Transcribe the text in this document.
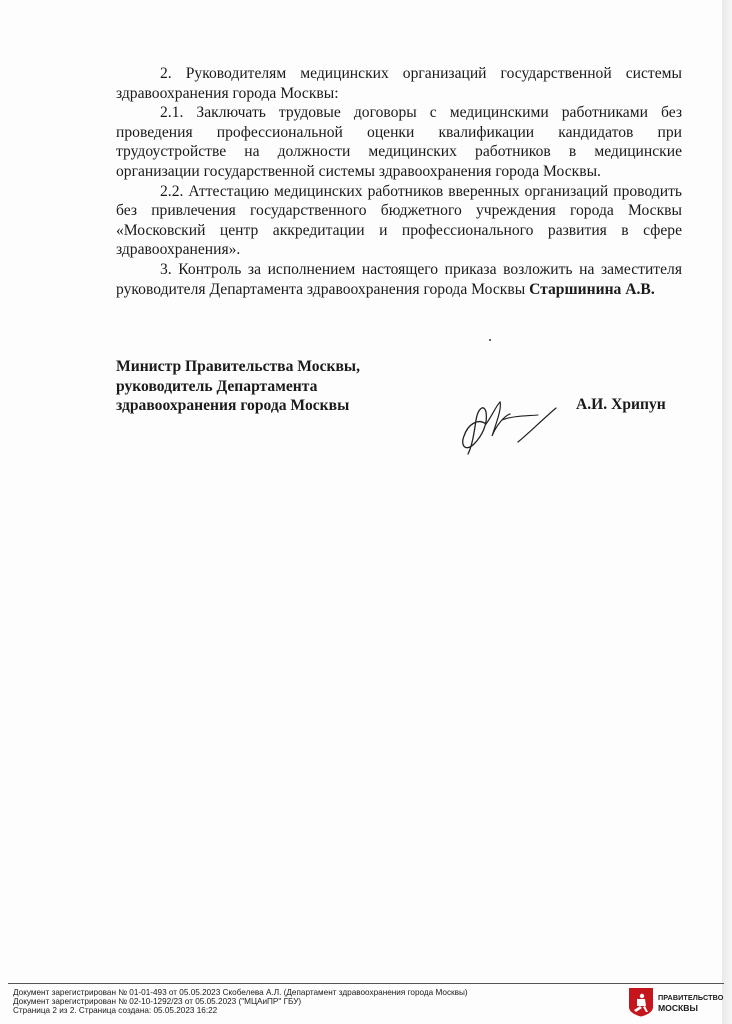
2. Руководителям медицинских организаций государственной системы здравоохранения города Москвы:

2.1. Заключать трудовые договоры с медицинскими работниками без проведения профессиональной оценки квалификации кандидатов при трудоустройстве на должности медицинских работников в медицинские организации государственной системы здравоохранения города Москвы.

2.2. Аттестацию медицинских работников вверенных организаций проводить без привлечения государственного бюджетного учреждения города Москвы «Московский центр аккредитации и профессионального развития в сфере здравоохранения».

3. Контроль за исполнением настоящего приказа возложить на заместителя руководителя Департамента здравоохранения города Москвы Старшинина А.В.

Министр Правительства Москвы,
руководитель Департамента
здравоохранения города Москвы	А.И. Хрипун
Документ зарегистрирован № 01-01-493 от 05.05.2023 Скобелева А.Л. (Департамент здравоохранения города Москвы)
Документ зарегистрирован № 02-10-1292/23 от 05.05.2023 ("МЦАиПР" ГБУ)
Страница 2 из 2. Страница создана: 05.05.2023 16:22
ПРАВИТЕЛЬСТВО
МОСКВЫ
